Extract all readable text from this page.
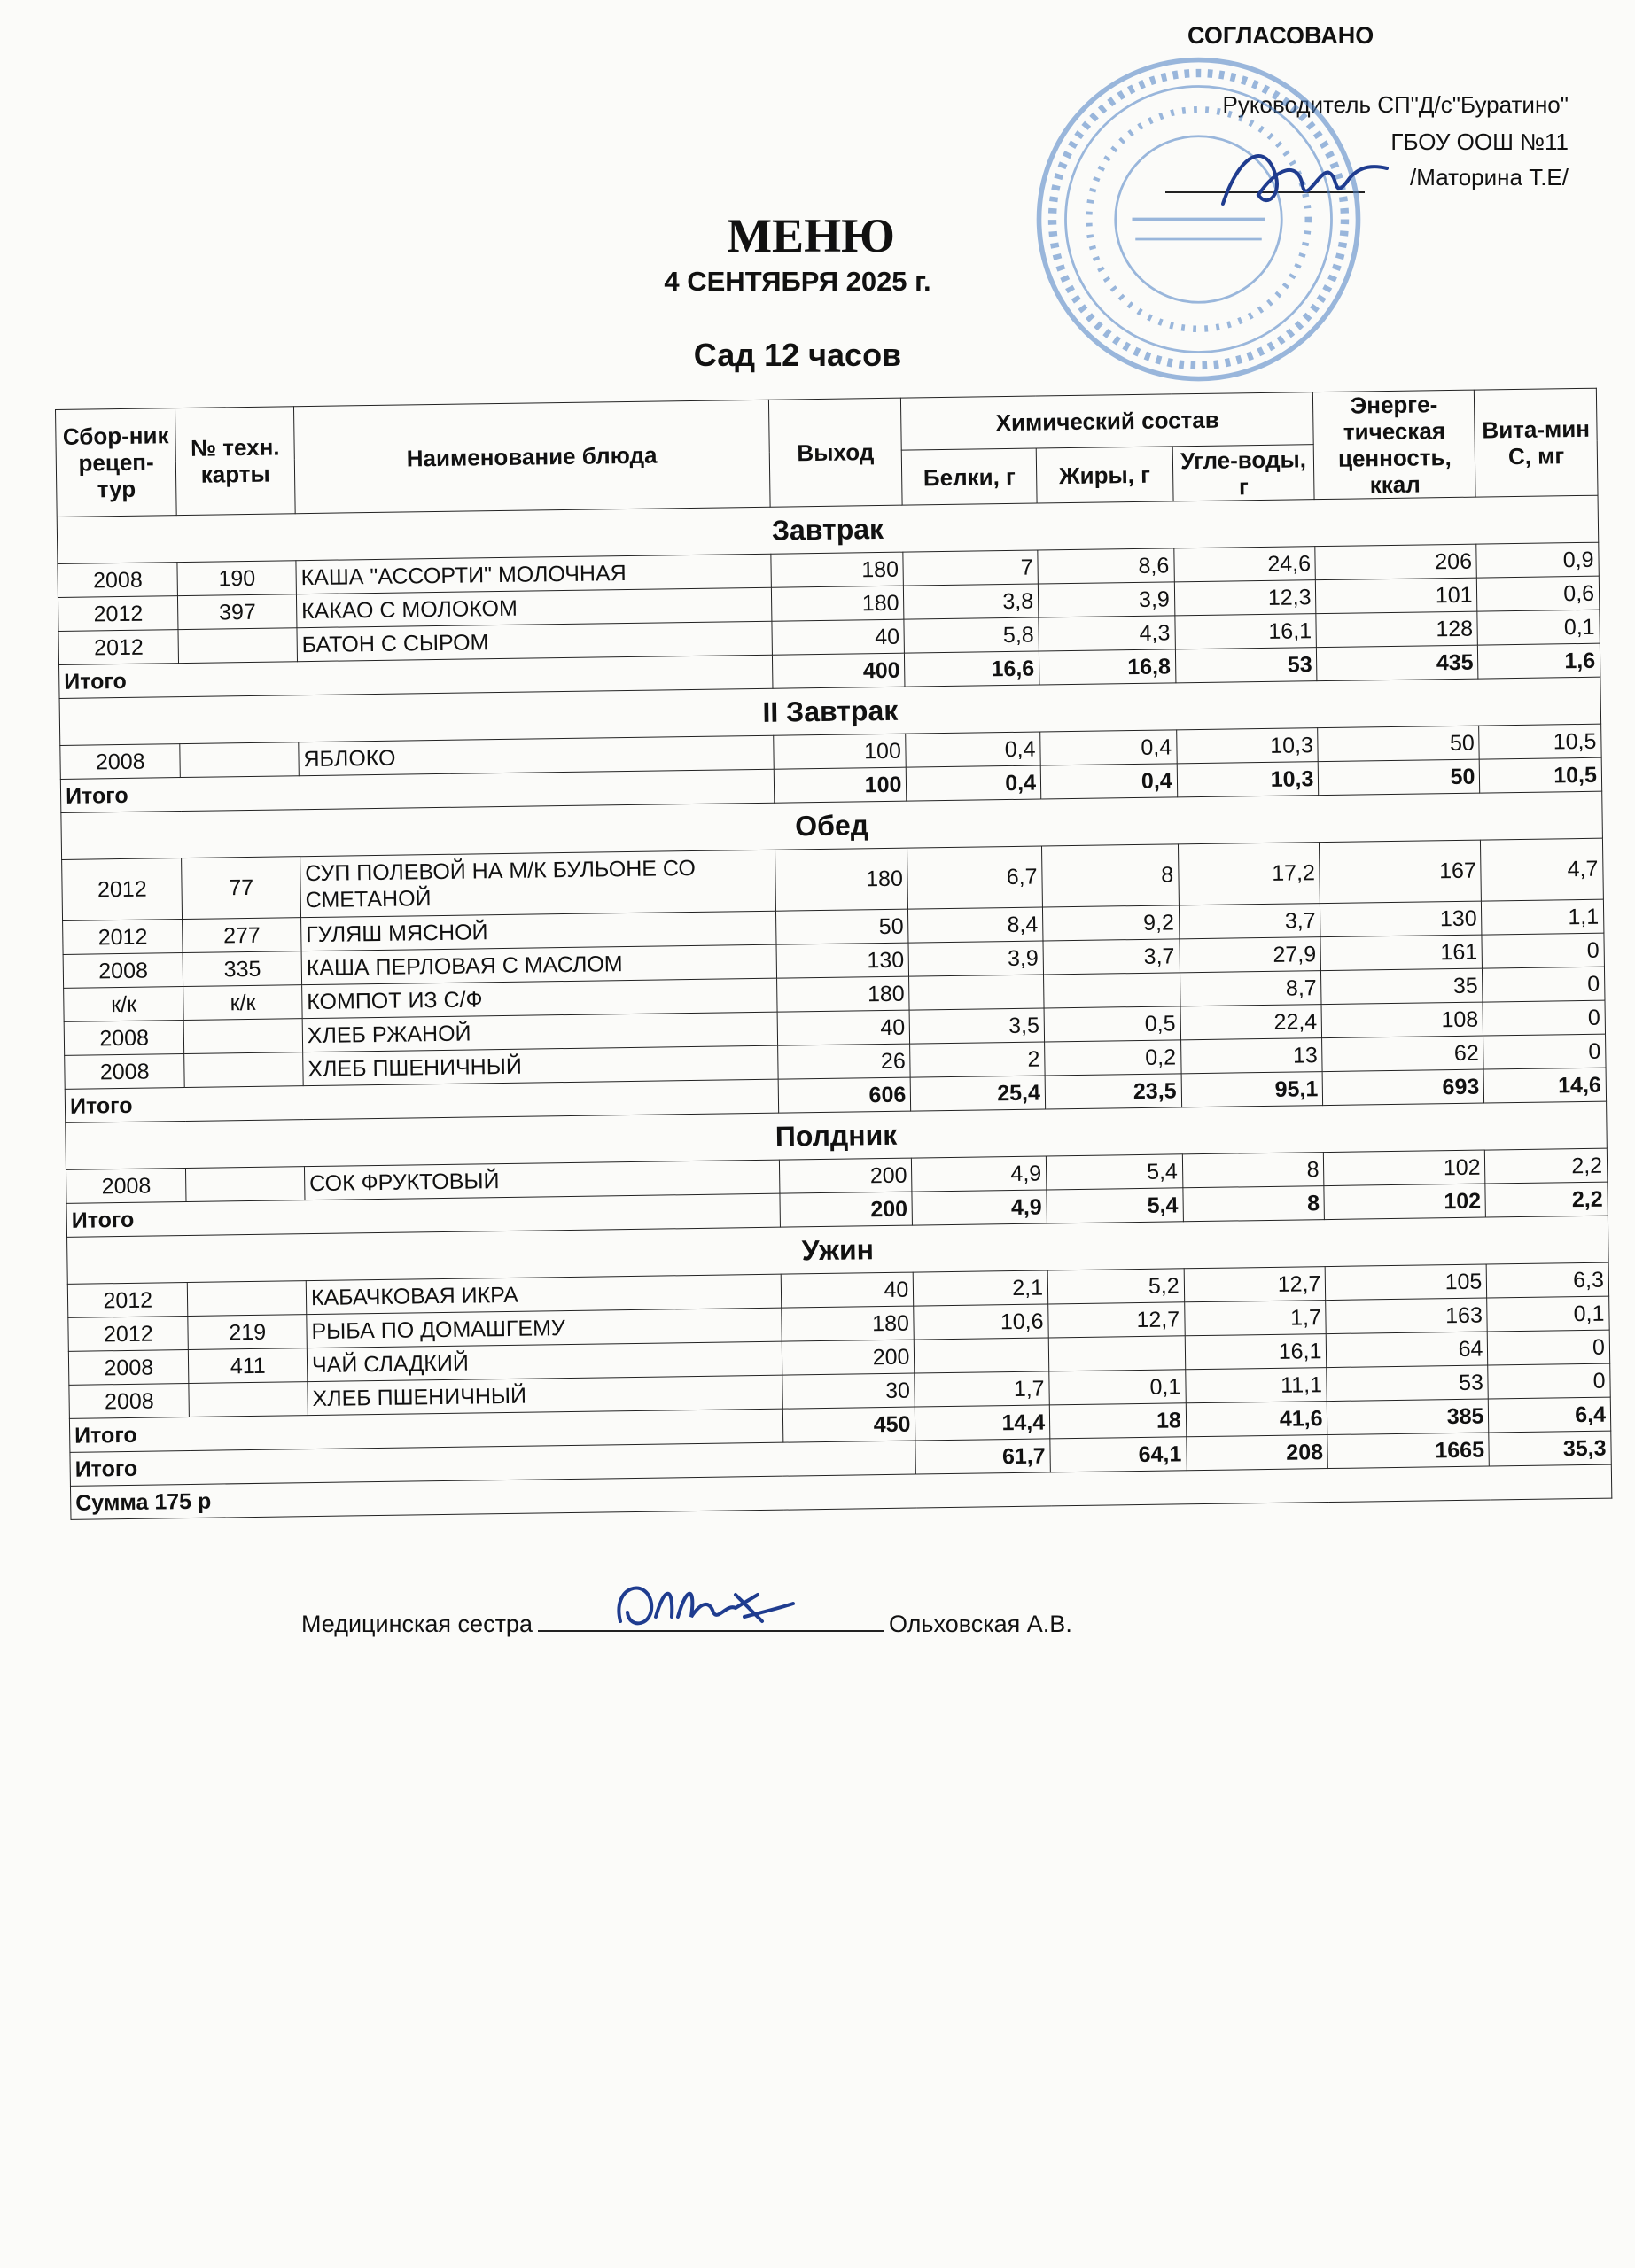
СОГЛАСОВАНО
Руководитель СП"Д/с"Буратино"
ГБОУ ООШ №11
/Маторина Т.Е/
МЕНЮ
4 СЕНТЯБРЯ 2025 г.
Сад 12 часов
Сбор-ник рецеп-тур	№ техн. карты	Наименование блюда	Выход	Химический состав			Энерге-тическая ценность, ккал	Вита-мин С, мг
				Белки, г	Жиры, г	Угле-воды, г		
Завтрак								
2008	190	КАША "АССОРТИ" МОЛОЧНАЯ	180	7	8,6	24,6	206	0,9
2012	397	КАКАО С МОЛОКОМ	180	3,8	3,9	12,3	101	0,6
2012		БАТОН С СЫРОМ	40	5,8	4,3	16,1	128	0,1
Итого			400	16,6	16,8	53	435	1,6
II Завтрак								
2008		ЯБЛОКО	100	0,4	0,4	10,3	50	10,5
Итого			100	0,4	0,4	10,3	50	10,5
Обед								
2012	77	СУП ПОЛЕВОЙ НА М/К БУЛЬОНЕ СО СМЕТАНОЙ	180	6,7	8	17,2	167	4,7
2012	277	ГУЛЯШ МЯСНОЙ	50	8,4	9,2	3,7	130	1,1
2008	335	КАША ПЕРЛОВАЯ С МАСЛОМ	130	3,9	3,7	27,9	161	0
к/к	к/к	КОМПОТ ИЗ С/Ф	180			8,7	35	0
2008		ХЛЕБ РЖАНОЙ	40	3,5	0,5	22,4	108	0
2008		ХЛЕБ ПШЕНИЧНЫЙ	26	2	0,2	13	62	0
Итого			606	25,4	23,5	95,1	693	14,6
Полдник								
2008		СОК ФРУКТОВЫЙ	200	4,9	5,4	8	102	2,2
Итого			200	4,9	5,4	8	102	2,2
Ужин								
2012		КАБАЧКОВАЯ ИКРА	40	2,1	5,2	12,7	105	6,3
2012	219	РЫБА ПО ДОМАШГЕМУ	180	10,6	12,7	1,7	163	0,1
2008	411	ЧАЙ СЛАДКИЙ	200			16,1	64	0
2008		ХЛЕБ ПШЕНИЧНЫЙ	30	1,7	0,1	11,1	53	0
Итого			450	14,4	18	41,6	385	6,4
Итого				61,7	64,1	208	1665	35,3
Сумма 175 р								
Медицинская сестра	Ольховская А.В.
